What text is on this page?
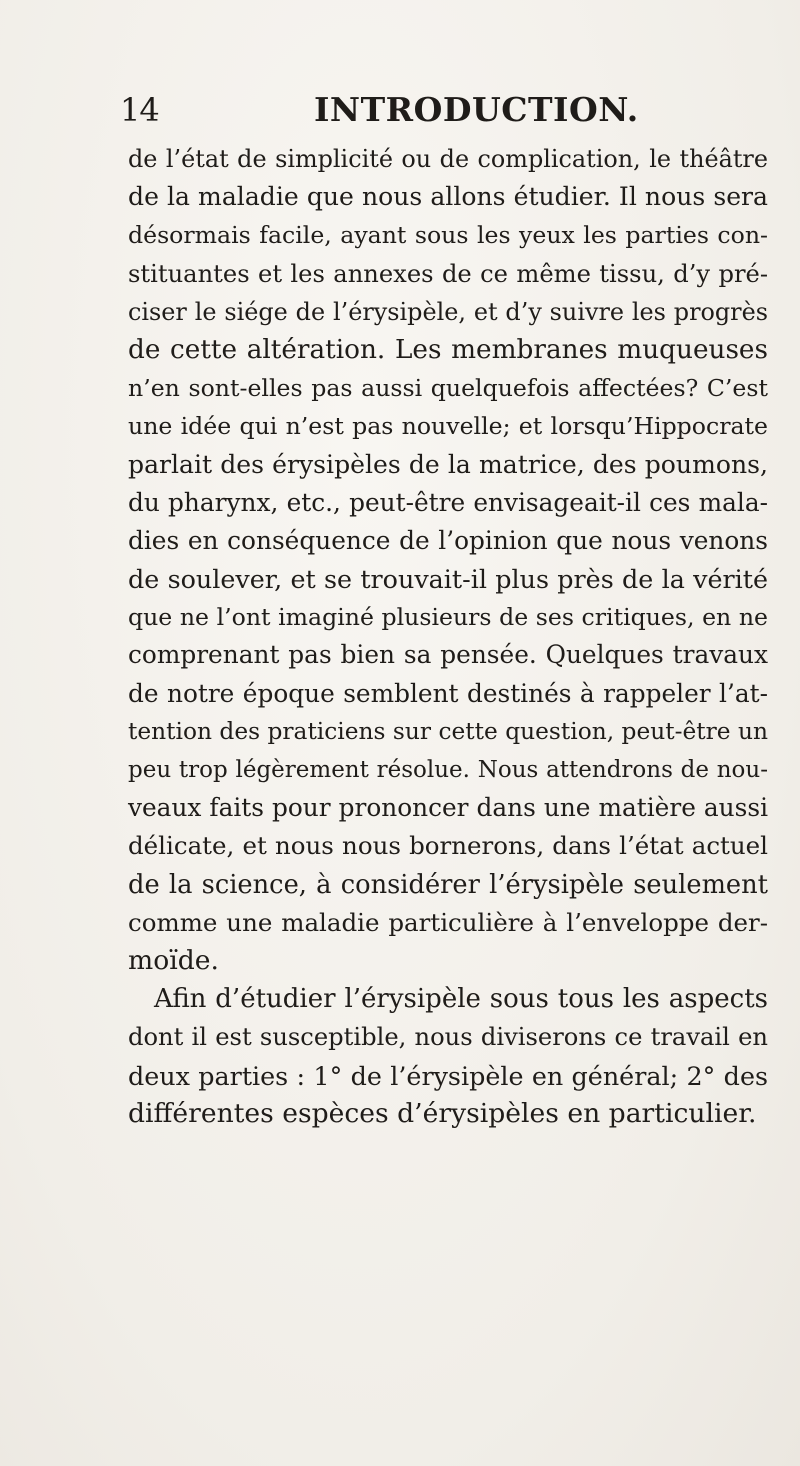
14	INTRODUCTION.
de l’état de simplicité ou de complication, le théâtre
de la maladie que nous allons étudier. Il nous sera
désormais facile, ayant sous les yeux les parties con-
stituantes et les annexes de ce même tissu, d’y pré-
ciser le siége de l’érysipèle, et d’y suivre les progrès
de cette altération. Les membranes muqueuses
n’en sont-elles pas aussi quelquefois affectées? C’est
une idée qui n’est pas nouvelle; et lorsqu’Hippocrate
parlait des érysipèles de la matrice, des poumons,
du pharynx, etc., peut-être envisageait-il ces mala-
dies en conséquence de l’opinion que nous venons
de soulever, et se trouvait-il plus près de la vérité
que ne l’ont imaginé plusieurs de ses critiques, en ne
comprenant pas bien sa pensée. Quelques travaux
de notre époque semblent destinés à rappeler l’at-
tention des praticiens sur cette question, peut-être un
peu trop légèrement résolue. Nous attendrons de nou-
veaux faits pour prononcer dans une matière aussi
délicate, et nous nous bornerons, dans l’état actuel
de la science, à considérer l’érysipèle seulement
comme une maladie particulière à l’enveloppe der-
moïde.
Afin d’étudier l’érysipèle sous tous les aspects
dont il est susceptible, nous diviserons ce travail en
deux parties : 1° de l’érysipèle en général; 2° des
différentes espèces d’érysipèles en particulier.
